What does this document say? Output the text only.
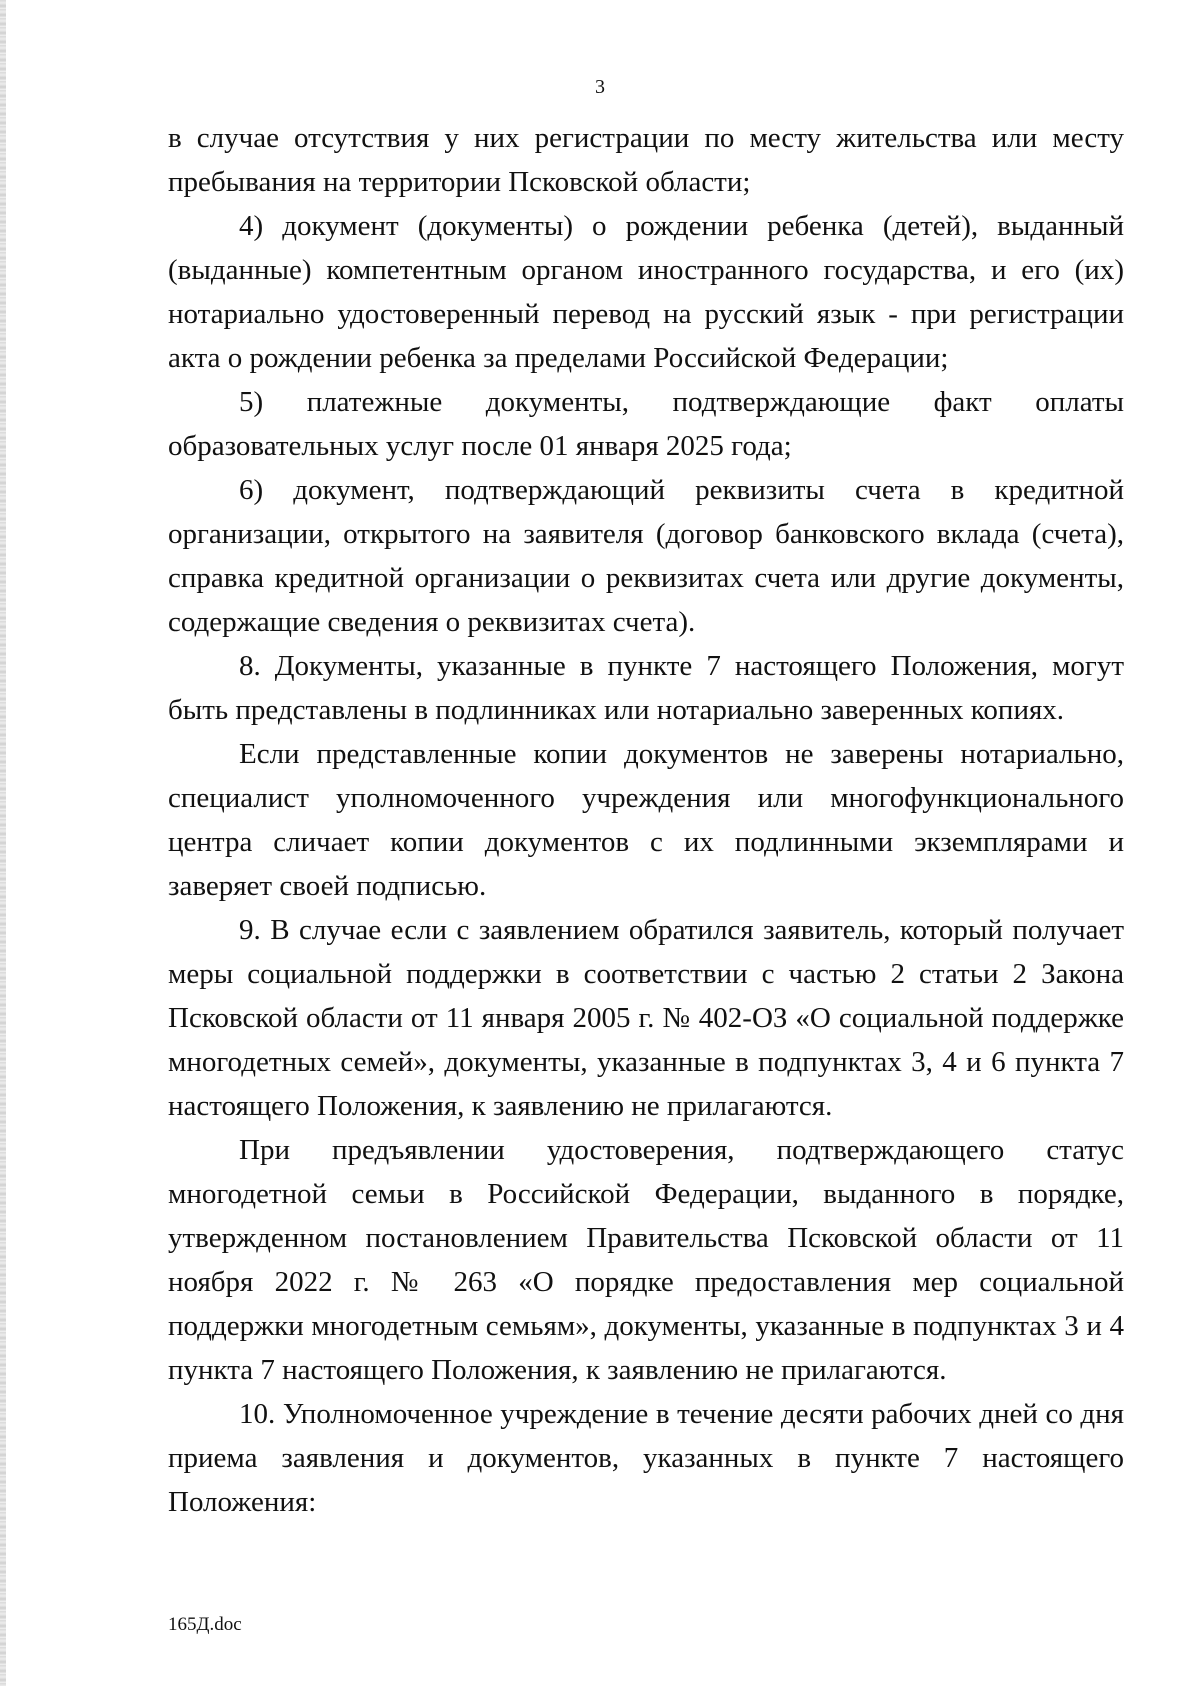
3

в случае отсутствия у них регистрации по месту жительства или месту пребывания на территории Псковской области;

4) документ (документы) о рождении ребенка (детей), выданный (выданные) компетентным органом иностранного государства, и его (их) нотариально удостоверенный перевод на русский язык - при регистрации акта о рождении ребенка за пределами Российской Федерации;

5) платежные документы, подтверждающие факт оплаты образовательных услуг после 01 января 2025 года;

6) документ, подтверждающий реквизиты счета в кредитной организации, открытого на заявителя (договор банковского вклада (счета), справка кредитной организации о реквизитах счета или другие документы, содержащие сведения о реквизитах счета).

8. Документы, указанные в пункте 7 настоящего Положения, могут быть представлены в подлинниках или нотариально заверенных копиях.

Если представленные копии документов не заверены нотариально, специалист уполномоченного учреждения или многофункционального центра сличает копии документов с их подлинными экземплярами и заверяет своей подписью.

9. В случае если с заявлением обратился заявитель, который получает меры социальной поддержки в соответствии с частью 2 статьи 2 Закона Псковской области от 11 января 2005 г. № 402-ОЗ «О социальной поддержке многодетных семей», документы, указанные в подпунктах 3, 4 и 6 пункта 7 настоящего Положения, к заявлению не прилагаются.

При предъявлении удостоверения, подтверждающего статус многодетной семьи в Российской Федерации, выданного в порядке, утвержденном постановлением Правительства Псковской области от 11 ноября 2022 г. № 263 «О порядке предоставления мер социальной поддержки многодетным семьям», документы, указанные в подпунктах 3 и 4 пункта 7 настоящего Положения, к заявлению не прилагаются.

10. Уполномоченное учреждение в течение десяти рабочих дней со дня приема заявления и документов, указанных в пункте 7 настоящего Положения:

165Д.doc
